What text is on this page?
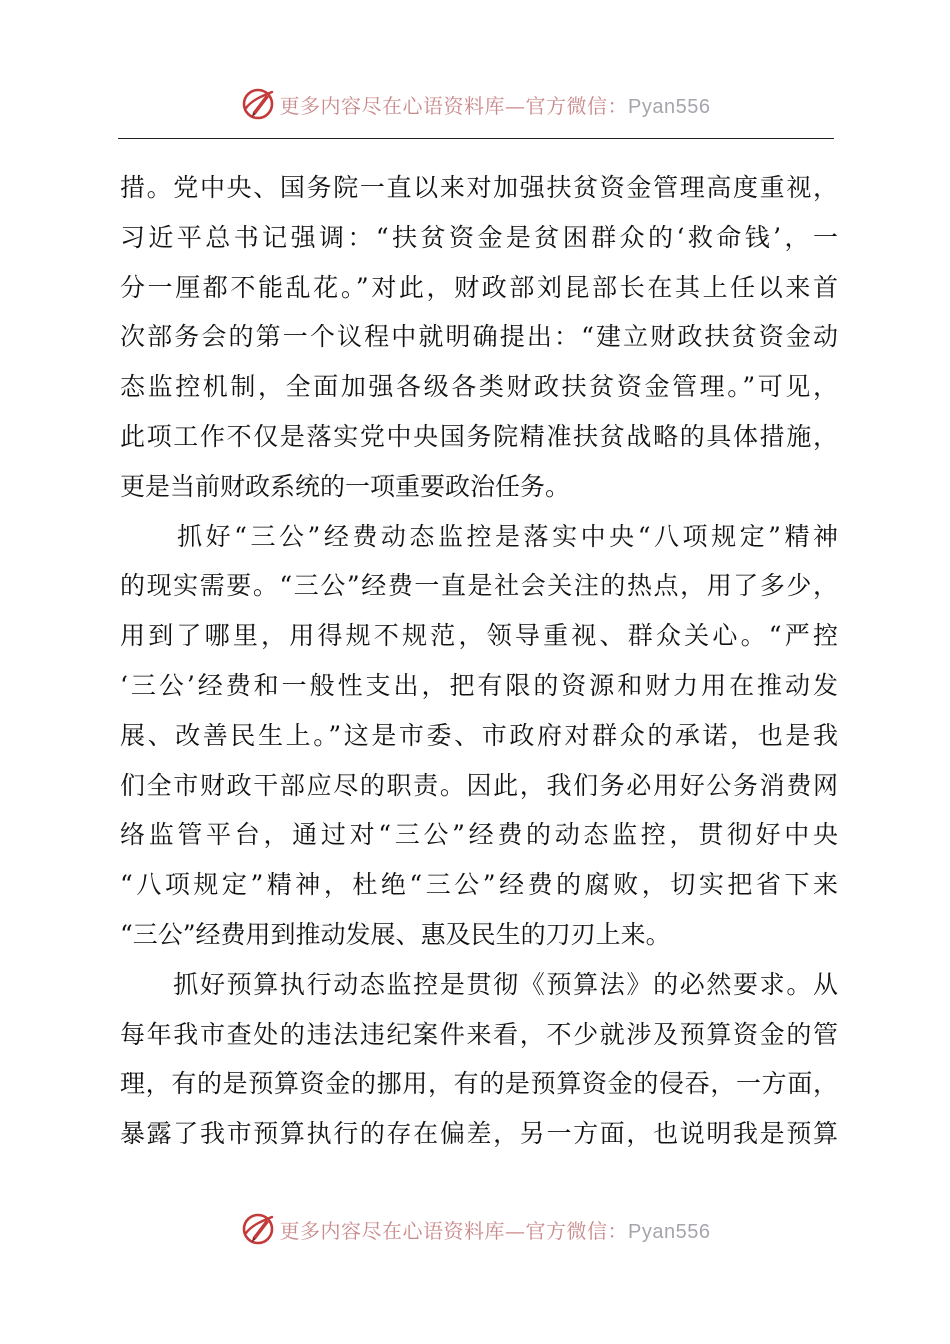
更多内容尽在心语资料库—官方微信：Pyan556
措。党中央、国务院一直以来对加强扶贫资金管理高度重视，
习近平总书记强调：“扶贫资金是贫困群众的‘救命钱’，一
分一厘都不能乱花。”对此，财政部刘昆部长在其上任以来首
次部务会的第一个议程中就明确提出：“建立财政扶贫资金动
态监控机制，全面加强各级各类财政扶贫资金管理。”可见，
此项工作不仅是落实党中央国务院精准扶贫战略的具体措施，
更是当前财政系统的一项重要政治任务。
　　抓好“三公”经费动态监控是落实中央“八项规定”精神
的现实需要。“三公”经费一直是社会关注的热点，用了多少，
用到了哪里，用得规不规范，领导重视、群众关心。“严控
‘三公’经费和一般性支出，把有限的资源和财力用在推动发
展、改善民生上。”这是市委、市政府对群众的承诺，也是我
们全市财政干部应尽的职责。因此，我们务必用好公务消费网
络监管平台，通过对“三公”经费的动态监控，贯彻好中央
“八项规定”精神，杜绝“三公”经费的腐败，切实把省下来
“三公”经费用到推动发展、惠及民生的刀刃上来。
　　抓好预算执行动态监控是贯彻《预算法》的必然要求。从
每年我市查处的违法违纪案件来看，不少就涉及预算资金的管
理，有的是预算资金的挪用，有的是预算资金的侵吞，一方面，
暴露了我市预算执行的存在偏差，另一方面，也说明我是预算
更多内容尽在心语资料库—官方微信：Pyan556
